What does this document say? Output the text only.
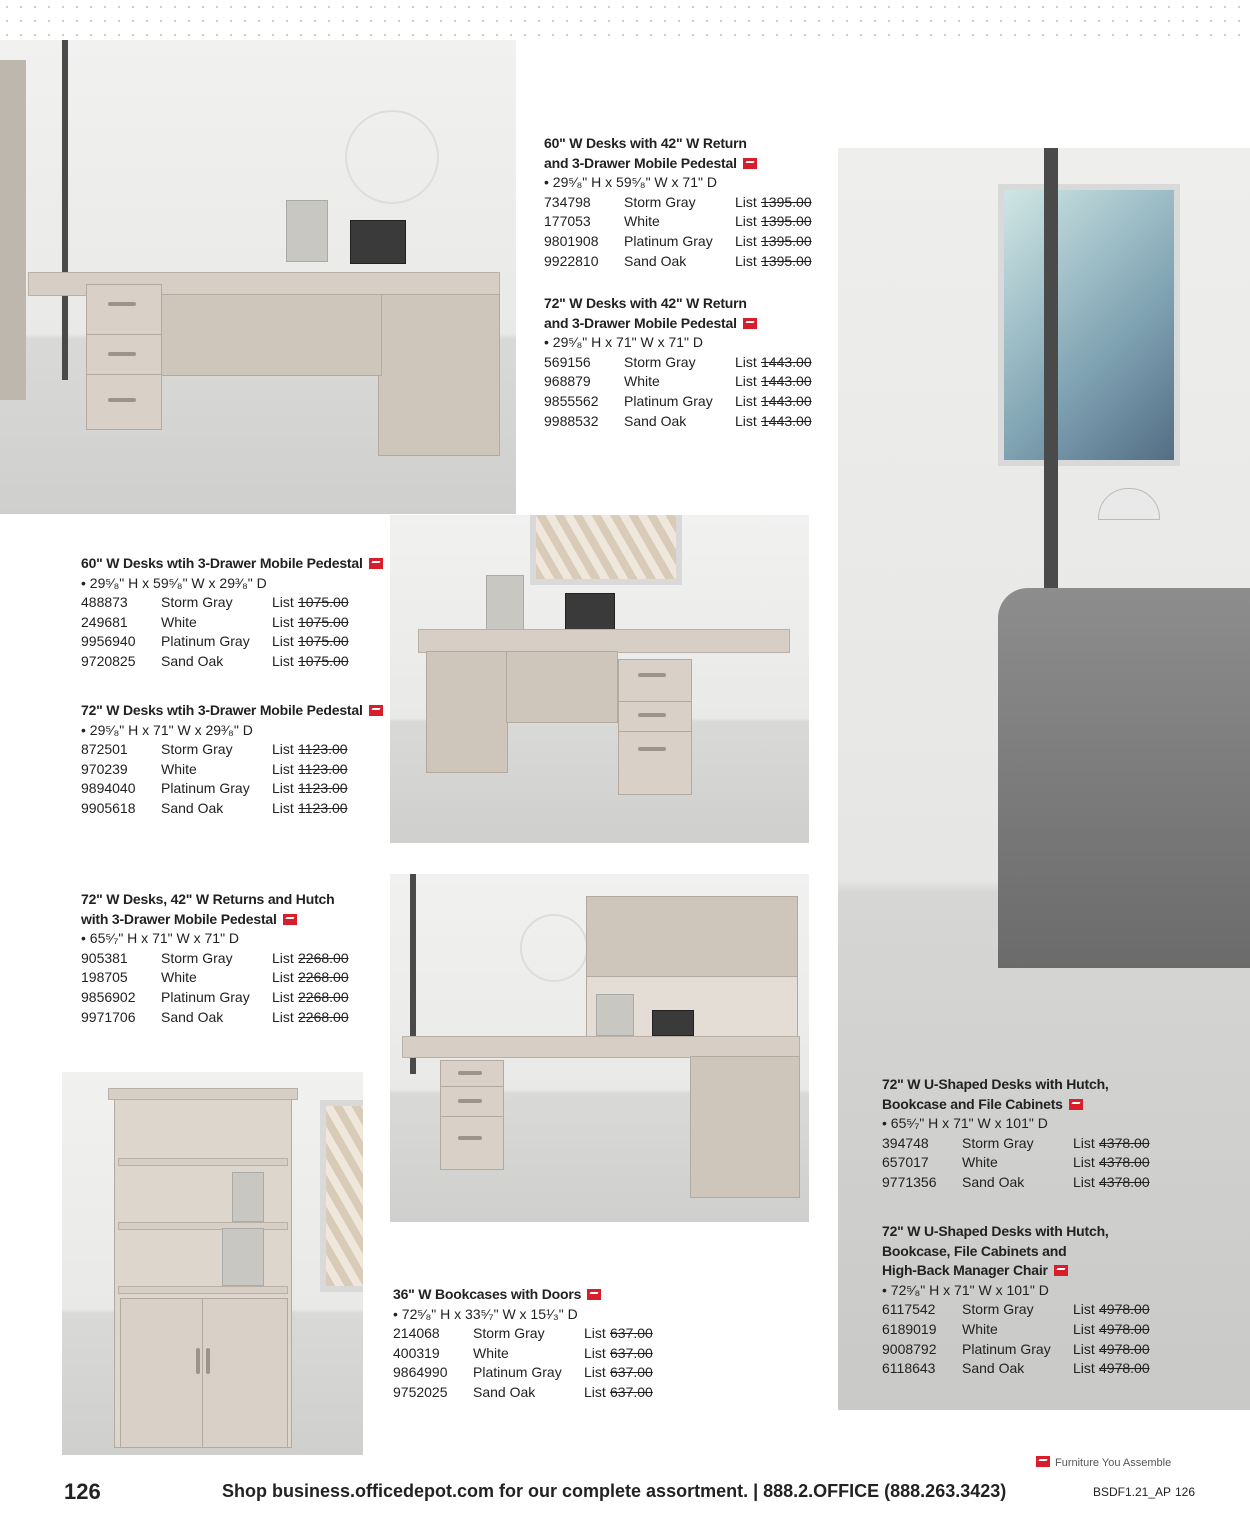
60" W Desks with 42" W Return
and 3-Drawer Mobile Pedestal
• 29⁵⁄₈" H x 59⁵⁄₈" W x 71" D
734798	Storm Gray	List 1395.00
177053	White	List 1395.00
9801908	Platinum Gray	List 1395.00
9922810	Sand Oak	List 1395.00
72" W Desks with 42" W Return
and 3-Drawer Mobile Pedestal
• 29⁵⁄₈" H x 71" W x 71" D
569156	Storm Gray	List 1443.00
968879	White	List 1443.00
9855562	Platinum Gray	List 1443.00
9988532	Sand Oak	List 1443.00
60" W Desks wtih 3-Drawer Mobile Pedestal
• 29⁵⁄₈" H x 59⁵⁄₈" W x 29³⁄₈" D
488873	Storm Gray	List 1075.00
249681	White	List 1075.00
9956940	Platinum Gray	List 1075.00
9720825	Sand Oak	List 1075.00
72" W Desks wtih 3-Drawer Mobile Pedestal
• 29⁵⁄₈" H x 71" W x 29³⁄₈" D
872501	Storm Gray	List 1123.00
970239	White	List 1123.00
9894040	Platinum Gray	List 1123.00
9905618	Sand Oak	List 1123.00
72" W Desks, 42" W Returns and Hutch
with 3-Drawer Mobile Pedestal
• 65⁵⁄₇" H x 71" W x 71" D
905381	Storm Gray	List 2268.00
198705	White	List 2268.00
9856902	Platinum Gray	List 2268.00
9971706	Sand Oak	List 2268.00
36" W Bookcases with Doors
• 72⁵⁄₈" H x 33⁵⁄₇" W x 15¹⁄₃" D
214068	Storm Gray	List 637.00
400319	White	List 637.00
9864990	Platinum Gray	List 637.00
9752025	Sand Oak	List 637.00
72" W U-Shaped Desks with Hutch,
Bookcase and File Cabinets
• 65⁵⁄₇" H x 71" W x 101" D
394748	Storm Gray	List 4378.00
657017	White	List 4378.00
9771356	Sand Oak	List 4378.00
72" W U-Shaped Desks with Hutch,
Bookcase, File Cabinets and
High-Back Manager Chair
• 72⁵⁄₈" H x 71" W x 101" D
6117542	Storm Gray	List 4978.00
6189019	White	List 4978.00
9008792	Platinum Gray	List 4978.00
6118643	Sand Oak	List 4978.00
Furniture You Assemble
126	Shop business.officedepot.com for our complete assortment. | 888.2.OFFICE (888.263.3423)	BSDF1.21_AP 126
